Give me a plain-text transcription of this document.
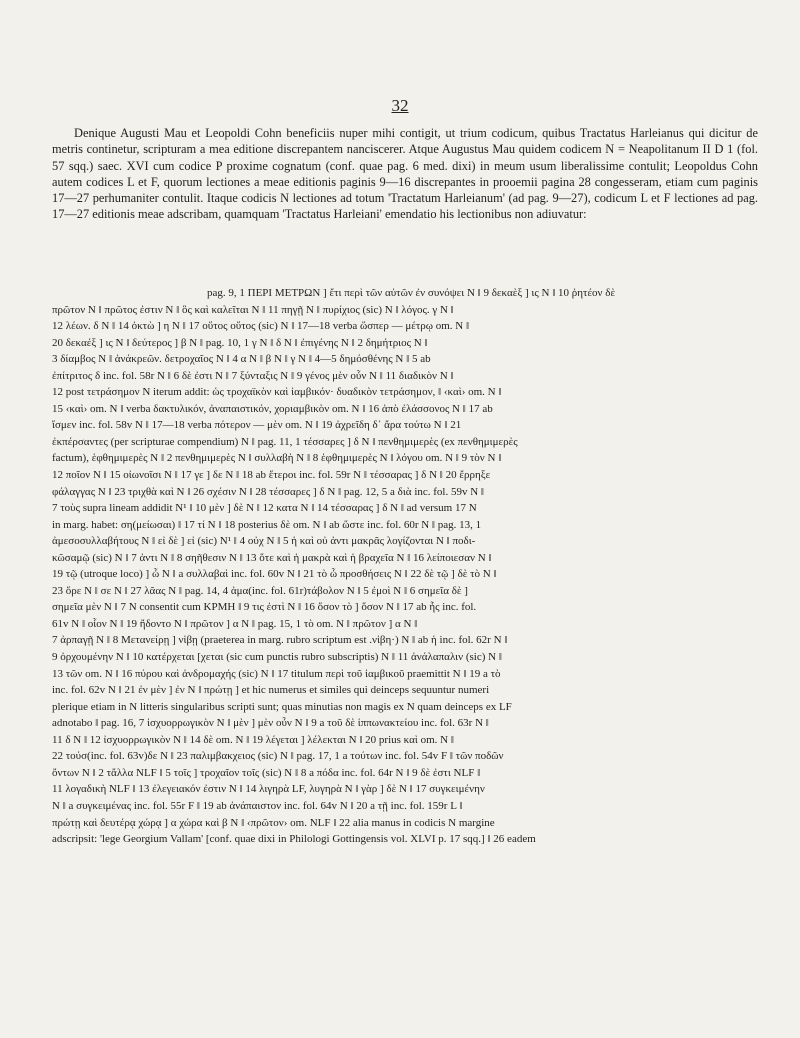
32

Denique Augusti Mau et Leopoldi Cohn beneficiis nuper mihi contigit, ut trium codicum, quibus Tractatus Harleianus qui dicitur de metris continetur, scripturam a mea editione discrepantem nanciscerer. Atque Augustus Mau quidem codicem N = Neapolitanum II D 1 (fol. 57 sqq.) saec. XVI cum codice P proxime cognatum (conf. quae pag. 6 med. dixi) in meum usum liberalissime contulit; Leopoldus Cohn autem codices L et F, quorum lectiones a meae editionis paginis 9—16 discrepantes in prooemii pagina 28 congesseram, etiam cum paginis 17—27 perhumaniter contulit. Itaque codicis N lectiones ad totum 'Tractatum Harleianum' (ad pag. 9—27), codicum L et F lectiones ad pag. 17—27 editionis meae adscribam, quamquam 'Tractatus Harleiani' emendatio his lectionibus non adiuvatur:

pag. 9, 1 ΠΕΡΙ ΜΕΤΡΩΝ ] ἔτι περὶ τῶν αὐτῶν ἐν συνόψει N ‖ 9 δεκαὲξ ] ις N ‖ 10 ῥητέον δὲ
πρῶτον N ‖ πρῶτος ἐστιν N ‖ ὃς καὶ καλεῖται N ‖ 11 πηγῇ N ‖ πυρίχιος (sic) N ‖ λόγος. γ N ‖
12 λέων. δ N ‖ 14 ὀκτὼ ] η N ‖ 17 οὕτος οὕτος (sic) N ‖ 17—18 verba ὥσπερ — μέτρῳ om. N ‖
20 δεκαέξ ] ις N ‖ δεύτερος ] β N ‖ pag. 10, 1 γ N ‖ δ N ‖ ἐπιγένης N ‖ 2 δημήτριος N ‖
3 δίαμβος N ‖ ἀνάκρεῶν. δετροχαῖος N ‖ 4 α N ‖ β N ‖ γ N ‖ 4—5 δημόσθένης N ‖ 5 ab
ἐπίτριτος δ inc. fol. 58r N ‖ 6 δὲ ἐστι N ‖ 7 ξύνταξις N ‖ 9 γένος μὲν οὖν N ‖ 11 διαδικὸν N ‖
12 post τετράσημον N iterum addit: ὡς τροχαϊκὸν καὶ ἰαμβικόν· δυαδικὸν τετράσημον, ‖ ‹καὶ› om. N ‖
15 ‹καὶ› om. N ‖ verba δακτυλικόν, ἀναπαιστικόν, χοριαμβικὸν om. N ‖ 16 ἀπὸ ἐλάσσονος N ‖ 17 ab
ἴσμεν inc. fol. 58v N ‖ 17—18 verba πότερον — μὲν om. N ‖ 19 ἀχρεῖδη δ᾽ ἄρα τούτω N ‖ 21
ἐκπέρσαντες (per scripturae compendium) N ‖ pag. 11, 1 τέσσαρες ] δ N ‖ πενθημιμερὲς (ex πενθημιμερὲς
factum), ἑφθημιμερὲς N ‖ 2 πενθημιμερὲς N ‖ συλλαβὴ N ‖ 8 ἑφθημιμερὲς N ‖ λόγου om. N ‖ 9 τὸν N ‖
12 ποῖον N ‖ 15 οἰωνοῖσι N ‖ 17 γε ] δε N ‖ 18 ab ἕτεροι inc. fol. 59r N ‖ τέσσαρας ] δ N ‖ 20 ἔρρηξε
φάλαγγας N ‖ 23 τριχθὰ καὶ N ‖ 26 σχέσιν N ‖ 28 τέσσαρες ] δ N ‖ pag. 12, 5 a διὰ inc. fol. 59v N ‖
7 τοὺς supra lineam addidit N¹ ‖ 10 μὲν ] δὲ N ‖ 12 κατα N ‖ 14 τέσσαρας ] δ N ‖ ad versum 17 N
in marg. habet: ση(μείωσαι) ‖ 17 τί N ‖ 18 posterius δὲ om. N ‖ ab ὥστε inc. fol. 60r N ‖ pag. 13, 1
ἀμεσοσυλλαβήτους N ‖ εἰ δὲ ] εἰ (sic) N¹ ‖ 4 οὐχ N ‖ 5 ἡ καὶ οὐ ἀντι μακρᾶς λογίζονται N ‖ ποδι-
κῶσαμῷ (sic) N ‖ 7 ἀντι N ‖ 8 σηῆθεσιν N ‖ 13 ὅτε καὶ ἡ μακρὰ καὶ ἡ βραχεῖα N ‖ 16 λείποιεσαν N ‖
19 τῷ (utroque loco) ] ὦ N ‖ a συλλαβαὶ inc. fol. 60v N ‖ 21 τὸ ὦ προσθήσεις N ‖ 22 δὲ τῷ ] δὲ τὸ N ‖
23 ὅρε N ‖ σε N ‖ 27 λᾶας N ‖ pag. 14, 4 ἀμα(inc. fol. 61r)τάβολον N ‖ 5 ἐμοὶ N ‖ 6 σημεῖα δὲ ]
σημεῖα μὲν N ‖ 7 N consentit cum KPMH ‖ 9 τις ἐστὶ N ‖ 16 ὅσον τὸ ] ὅσον N ‖ 17 ab ἧς inc. fol.
61v N ‖ οἷον N ‖ 19 ἤδοντο N ‖ πρῶτον ] α N ‖ pag. 15, 1 τὸ om. N ‖ πρῶτον ] α N ‖
7 ἀρπαγῇ N ‖ 8 Μετανείρῃ ] νἱβῃ (praeterea in marg. rubro scriptum est .νἱβη·) N ‖ ab ἡ inc. fol. 62r N ‖
9 ὀρχουμένην N ‖ 10 κατέρχεται [χεται (sic cum punctis rubro subscriptis) N ‖ 11 ἀνάλαπαλιν (sic) N ‖
13 τῶν om. N ‖ 16 πύρου καὶ ἀνδρομαχής (sic) N ‖ 17 titulum περὶ τοῦ ἰαμβικοῦ praemittit N ‖ 19 a τὸ
inc. fol. 62v N ‖ 21 ἐν μὲν ] ἐν N ‖ πρώτῃ ] et hic numerus et similes qui deinceps sequuntur numeri
plerique etiam in N litteris singularibus scripti sunt; quas minutias non magis ex N quam deinceps ex LF
adnotabo ‖ pag. 16, 7 ἰσχυορρωγικὸν N ‖ μὲν ] μὲν οὖν N ‖ 9 a τοῦ δὲ ἱππωνακτείου inc. fol. 63r N ‖
11 δ N ‖ 12 ἰσχυορρωγικὸν N ‖ 14 δὲ om. N ‖ 19 λέγεται ] λέλεκται N ‖ 20 prius καὶ om. N ‖
22 τούσ(inc. fol. 63v)δε N ‖ 23 παλιμβακχειος (sic) N ‖ pag. 17, 1 a τούτων inc. fol. 54v F ‖ τῶν ποδῶν
ὄντων N ‖ 2 τἄλλα NLF ‖ 5 τοῖς ] τροχαῖον τοῖς (sic) N ‖ 8 a πόδα inc. fol. 64r N ‖ 9 δὲ ἐστι NLF ‖
11 λογαδικὴ NLF ‖ 13 ἐλεγειακόν ἐστιν N ‖ 14 λιγηρὰ LF, λυγηρὰ N ‖ γὰρ ] δὲ N ‖ 17 συγκειμένην
N ‖ a συγκειμένας inc. fol. 55r F ‖ 19 ab ἀνάπαιστον inc. fol. 64v N ‖ 20 a τῇ inc. fol. 159r L ‖
πρώτῃ καὶ δευτέρᾳ χώρᾳ ] α χώρα καὶ β N ‖ ‹πρῶτον› om. NLF ‖ 22 alia manus in codicis N margine
adscripsit: 'lege Georgium Vallam' [conf. quae dixi in Philologi Gottingensis vol. XLVI p. 17 sqq.] ‖ 26 eadem
